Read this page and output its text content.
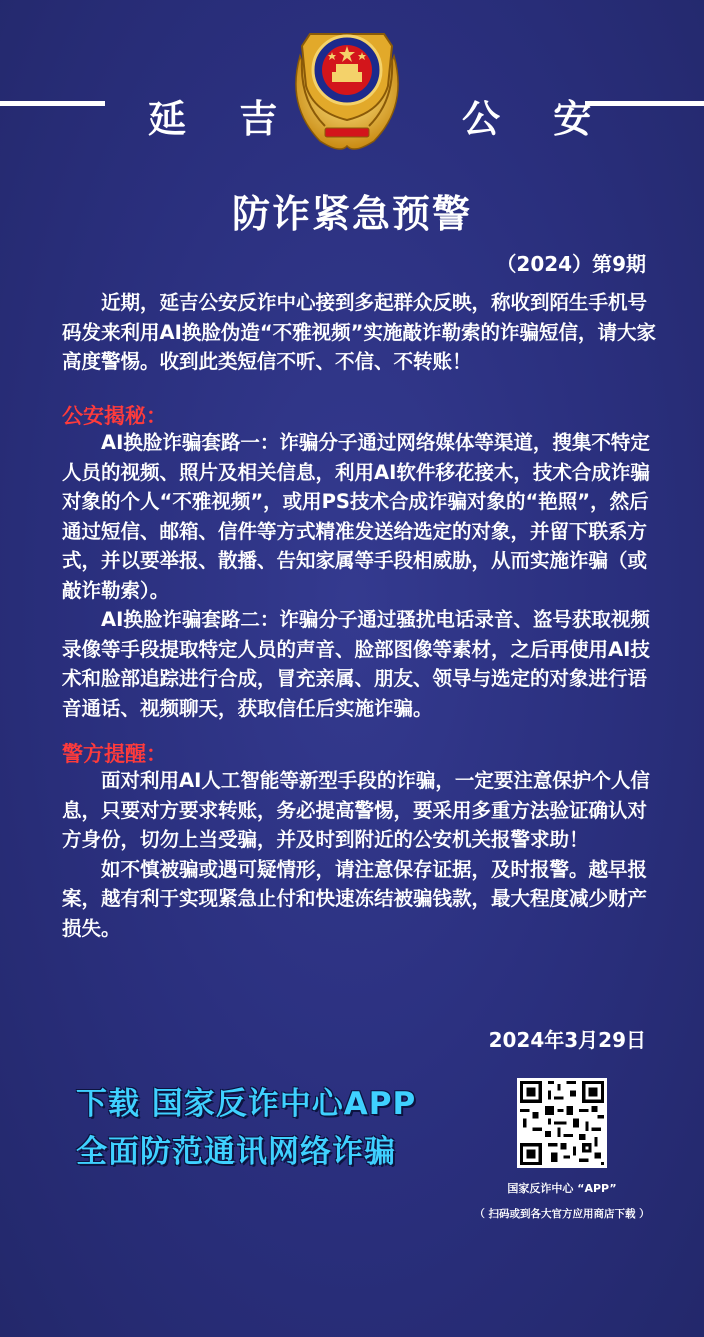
延 吉	公 安
防诈紧急预警
（2024）第9期

近期，延吉公安反诈中心接到多起群众反映，称收到陌生手机号码发来利用AI换脸伪造“不雅视频”实施敲诈勒索的诈骗短信，请大家高度警惕。收到此类短信不听、不信、不转账！

公安揭秘：

AI换脸诈骗套路一：诈骗分子通过网络媒体等渠道，搜集不特定人员的视频、照片及相关信息，利用AI软件移花接木，技术合成诈骗对象的个人“不雅视频”，或用PS技术合成诈骗对象的“艳照”，然后通过短信、邮箱、信件等方式精准发送给选定的对象，并留下联系方式，并以要举报、散播、告知家属等手段相威胁，从而实施诈骗（或敲诈勒索）。

AI换脸诈骗套路二：诈骗分子通过骚扰电话录音、盗号获取视频录像等手段提取特定人员的声音、脸部图像等素材，之后再使用AI技术和脸部追踪进行合成，冒充亲属、朋友、领导与选定的对象进行语音通话、视频聊天，获取信任后实施诈骗。

警方提醒：

面对利用AI人工智能等新型手段的诈骗，一定要注意保护个人信息，只要对方要求转账，务必提高警惕，要采用多重方法验证确认对方身份，切勿上当受骗，并及时到附近的公安机关报警求助！

如不慎被骗或遇可疑情形，请注意保存证据，及时报警。越早报案，越有利于实现紧急止付和快速冻结被骗钱款，最大程度减少财产损失。

2024年3月29日
下载 国家反诈中心APP
全面防范通讯网络诈骗
国家反诈中心 “APP”
（ 扫码或到各大官方应用商店下载 ）
